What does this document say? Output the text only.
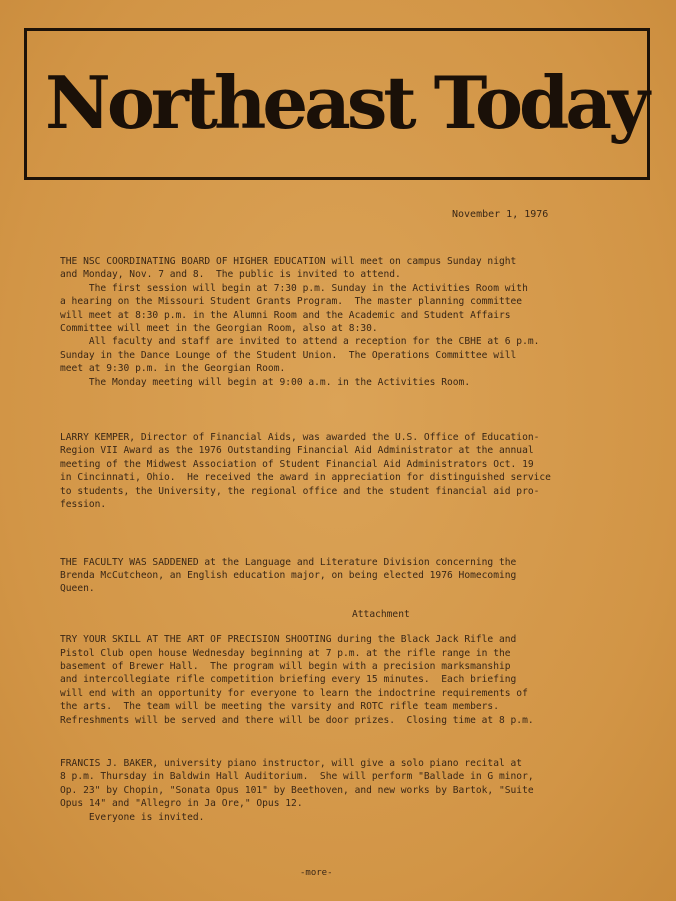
Northeast Today
November 1, 1976

THE NSC COORDINATING BOARD OF HIGHER EDUCATION will meet on campus Sunday night

and Monday, Nov. 7 and 8.  The public is invited to attend.

The first session will begin at 7:30 p.m. Sunday in the Activities Room with

a hearing on the Missouri Student Grants Program.  The master planning committee

will meet at 8:30 p.m. in the Alumni Room and the Academic and Student Affairs

Committee will meet in the Georgian Room, also at 8:30.

All faculty and staff are invited to attend a reception for the CBHE at 6 p.m.

Sunday in the Dance Lounge of the Student Union.  The Operations Committee will

meet at 9:30 p.m. in the Georgian Room.

The Monday meeting will begin at 9:00 a.m. in the Activities Room.

LARRY KEMPER, Director of Financial Aids, was awarded the U.S. Office of Education-

Region VII Award as the 1976 Outstanding Financial Aid Administrator at the annual

meeting of the Midwest Association of Student Financial Aid Administrators Oct. 19

in Cincinnati, Ohio.  He received the award in appreciation for distinguished service

to students, the University, the regional office and the student financial aid pro-

fession.

THE FACULTY WAS SADDENED at the Language and Literature Division concerning the

Brenda McCutcheon, an English education major, on being elected 1976 Homecoming

Queen.

Attachment

TRY YOUR SKILL AT THE ART OF PRECISION SHOOTING during the Black Jack Rifle and

Pistol Club open house Wednesday beginning at 7 p.m. at the rifle range in the

basement of Brewer Hall.  The program will begin with a precision marksmanship

and intercollegiate rifle competition briefing every 15 minutes.  Each briefing

will end with an opportunity for everyone to learn the indoctrine requirements of

the arts.  The team will be meeting the varsity and ROTC rifle team members.

Refreshments will be served and there will be door prizes.  Closing time at 8 p.m.

FRANCIS J. BAKER, university piano instructor, will give a solo piano recital at

8 p.m. Thursday in Baldwin Hall Auditorium.  She will perform "Ballade in G minor,

Op. 23" by Chopin, "Sonata Opus 101" by Beethoven, and new works by Bartok, "Suite

Opus 14" and "Allegro in Ja Ore," Opus 12.

Everyone is invited.

-more-
